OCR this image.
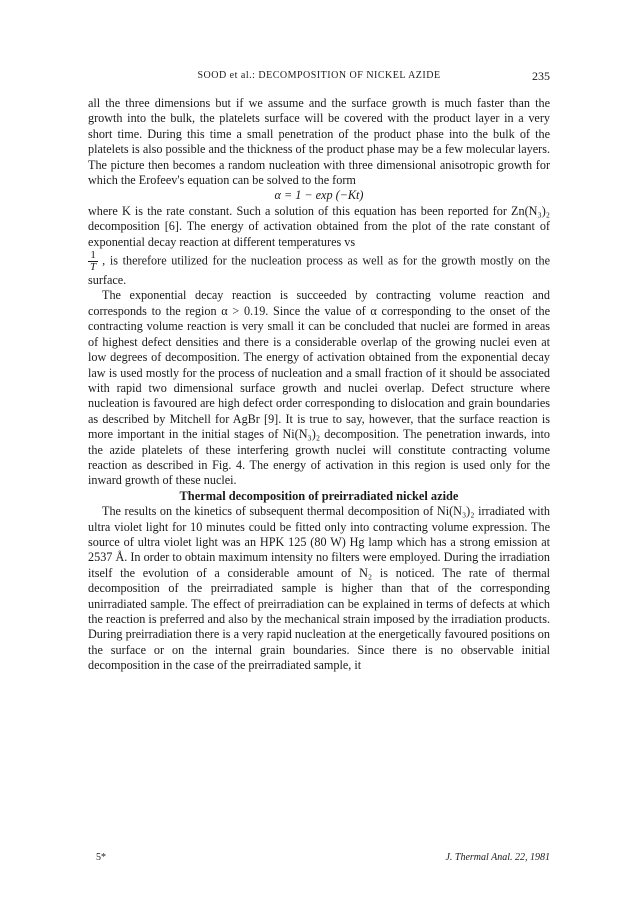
SOOD et al.: DECOMPOSITION OF NICKEL AZIDE	235

all the three dimensions but if we assume and the surface growth is much faster than the growth into the bulk, the platelets surface will be covered with the product layer in a very short time. During this time a small penetration of the product phase into the bulk of the platelets is also possible and the thickness of the product phase may be a few molecular layers. The picture then becomes a random nucleation with three dimensional anisotropic growth for which the Erofeev's equation can be solved to the form

α = 1 − exp (−Kt)

where K is the rate constant. Such a solution of this equation has been reported for Zn(N₃)₂ decomposition [6]. The energy of activation obtained from the plot of the rate constant of exponential decay reaction at different temperatures vs

$\frac{1}{T}$ , is therefore utilized for the nucleation process as well as for the growth mostly on the surface.

The exponential decay reaction is succeeded by contracting volume reaction and corresponds to the region α > 0.19. Since the value of α corresponding to the onset of the contracting volume reaction is very small it can be concluded that nuclei are formed in areas of highest defect densities and there is a considerable overlap of the growing nuclei even at low degrees of decomposition. The energy of activation obtained from the exponential decay law is used mostly for the process of nucleation and a small fraction of it should be associated with rapid two dimensional surface growth and nuclei overlap. Defect structure where nucleation is favoured are high defect order corresponding to dislocation and grain boundaries as described by Mitchell for AgBr [9]. It is true to say, however, that the surface reaction is more important in the initial stages of Ni(N₃)₂ decomposition. The penetration inwards, into the azide platelets of these interfering growth nuclei will constitute contracting volume reaction as described in Fig. 4. The energy of activation in this region is used only for the inward growth of these nuclei.

Thermal decomposition of preirradiated nickel azide

The results on the kinetics of subsequent thermal decomposition of Ni(N₃)₂ irradiated with ultra violet light for 10 minutes could be fitted only into contracting volume expression. The source of ultra violet light was an HPK 125 (80 W) Hg lamp which has a strong emission at 2537 Å. In order to obtain maximum intensity no filters were employed. During the irradiation itself the evolution of a considerable amount of N₂ is noticed. The rate of thermal decomposition of the preirradiated sample is higher than that of the corresponding unirradiated sample. The effect of preirradiation can be explained in terms of defects at which the reaction is preferred and also by the mechanical strain imposed by the irradiation products. During preirradiation there is a very rapid nucleation at the energetically favoured positions on the surface or on the internal grain boundaries. Since there is no observable initial decomposition in the case of the preirradiated sample, it

5*	J. Thermal Anal. 22, 1981
